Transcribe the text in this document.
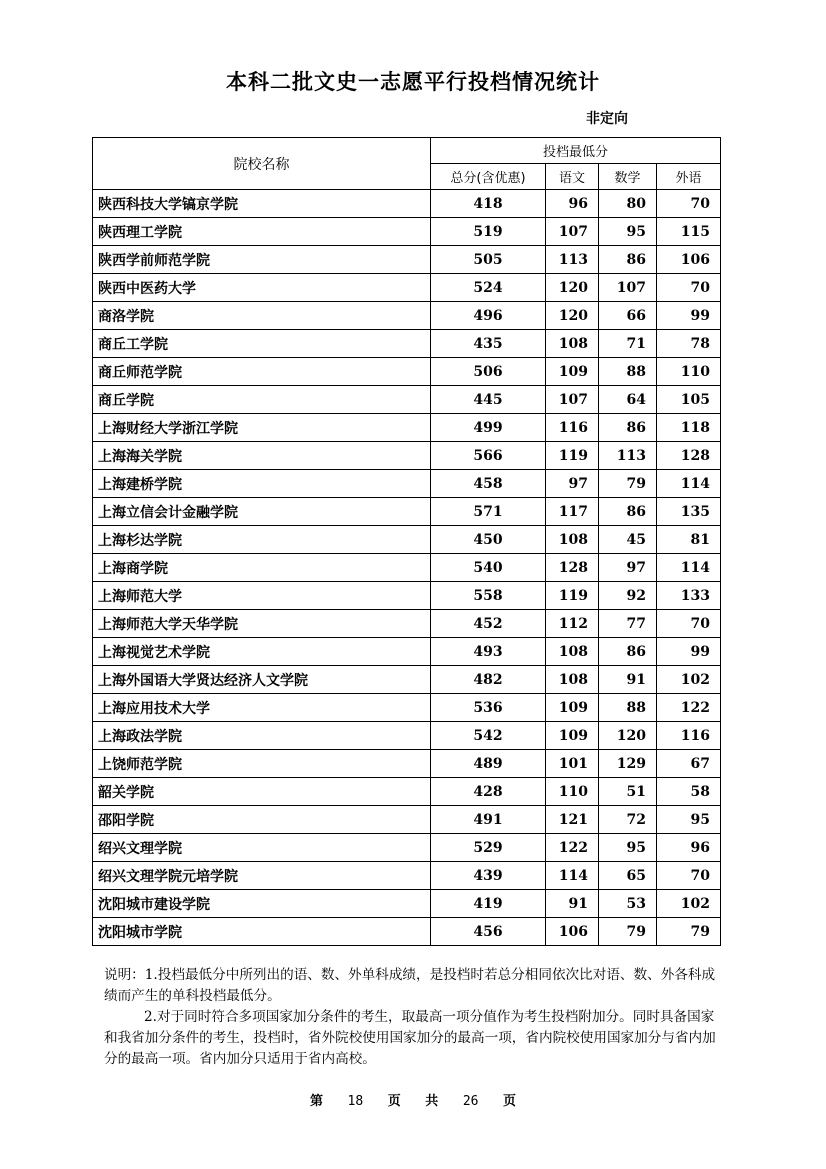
本科二批文史一志愿平行投档情况统计
非定向
院校名称	投档最低分			
	总分(含优惠)	语文	数学	外语
陕西科技大学镐京学院	418	96	80	70
陕西理工学院	519	107	95	115
陕西学前师范学院	505	113	86	106
陕西中医药大学	524	120	107	70
商洛学院	496	120	66	99
商丘工学院	435	108	71	78
商丘师范学院	506	109	88	110
商丘学院	445	107	64	105
上海财经大学浙江学院	499	116	86	118
上海海关学院	566	119	113	128
上海建桥学院	458	97	79	114
上海立信会计金融学院	571	117	86	135
上海杉达学院	450	108	45	81
上海商学院	540	128	97	114
上海师范大学	558	119	92	133
上海师范大学天华学院	452	112	77	70
上海视觉艺术学院	493	108	86	99
上海外国语大学贤达经济人文学院	482	108	91	102
上海应用技术大学	536	109	88	122
上海政法学院	542	109	120	116
上饶师范学院	489	101	129	67
韶关学院	428	110	51	58
邵阳学院	491	121	72	95
绍兴文理学院	529	122	95	96
绍兴文理学院元培学院	439	114	65	70
沈阳城市建设学院	419	91	53	102
沈阳城市学院	456	106	79	79

说明：1.投档最低分中所列出的语、数、外单科成绩，是投档时若总分相同依次比对语、数、外各科成绩而产生的单科投档最低分。

2.对于同时符合多项国家加分条件的考生，取最高一项分值作为考生投档附加分。同时具备国家和我省加分条件的考生，投档时，省外院校使用国家加分的最高一项，省内院校使用国家加分与省内加分的最高一项。省内加分只适用于省内高校。

第 18 页 共 26 页
